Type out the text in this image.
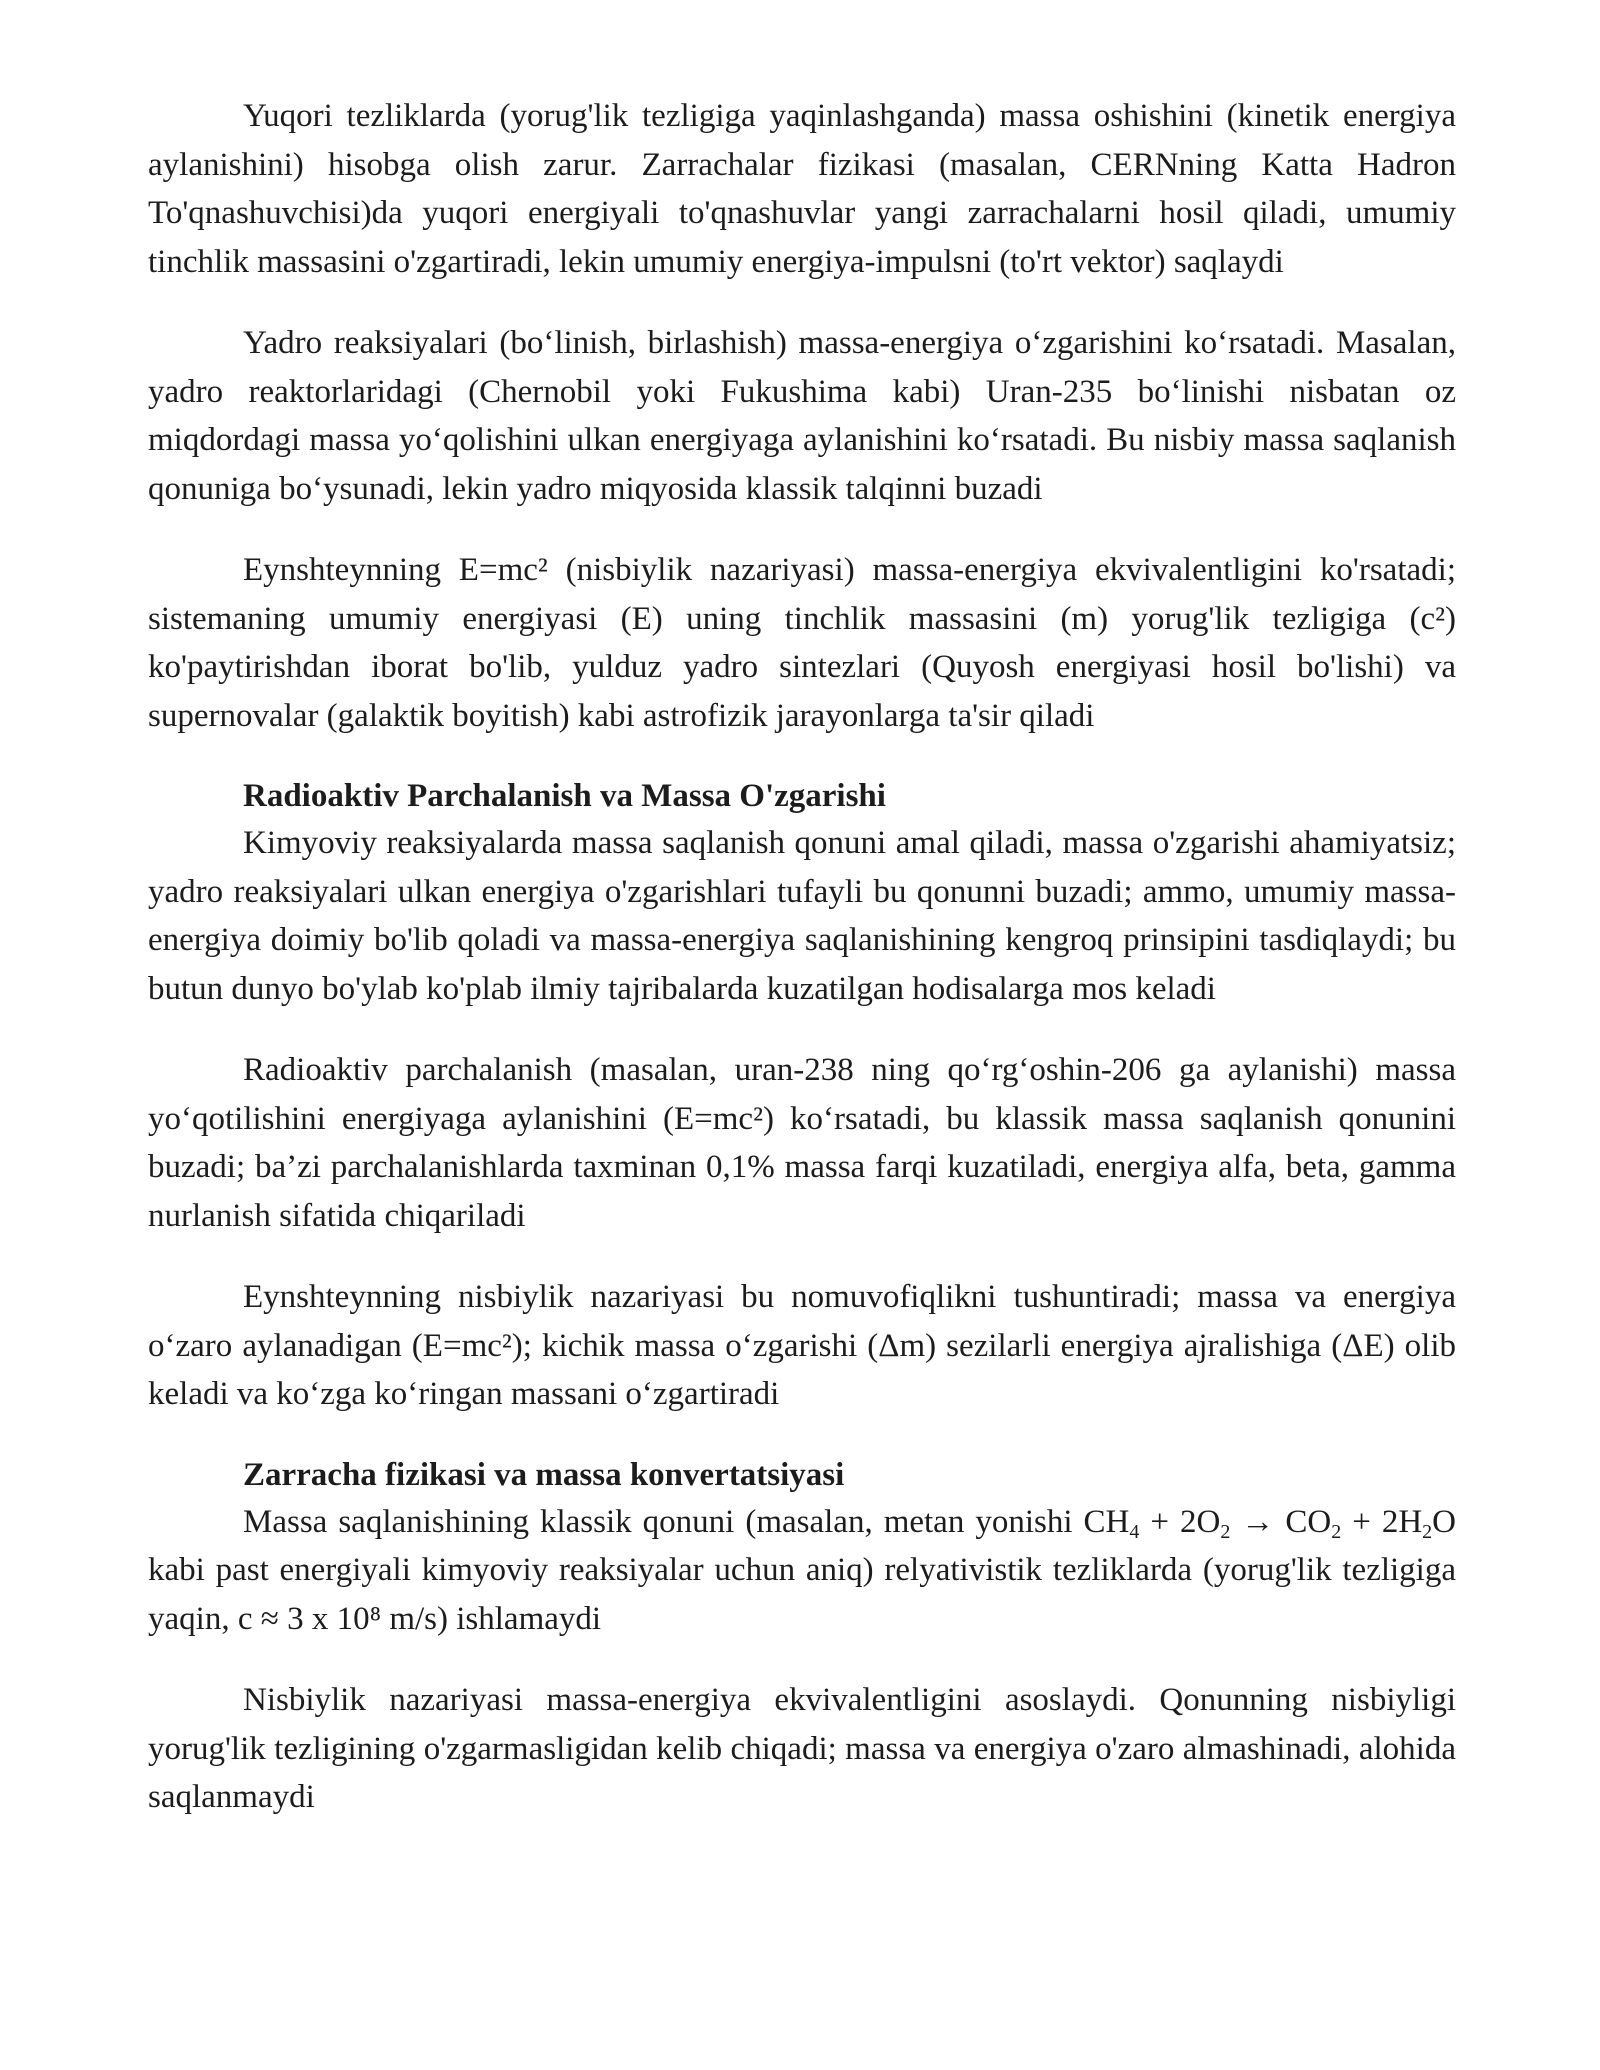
Yuqori tezliklarda (yorug'lik tezligiga yaqinlashganda) massa oshishini (kinetik energiya aylanishini) hisobga olish zarur. Zarrachalar fizikasi (masalan, CERNning Katta Hadron To'qnashuvchisi)da yuqori energiyali to'qnashuvlar yangi zarrachalarni hosil qiladi, umumiy tinchlik massasini o'zgartiradi, lekin umumiy energiya-impulsni (to'rt vektor) saqlaydi

Yadro reaksiyalari (bo‘linish, birlashish) massa-energiya o‘zgarishini ko‘rsatadi. Masalan, yadro reaktorlaridagi (Chernobil yoki Fukushima kabi) Uran-235 bo‘linishi nisbatan oz miqdordagi massa yo‘qolishini ulkan energiyaga aylanishini ko‘rsatadi. Bu nisbiy massa saqlanish qonuniga bo‘ysunadi, lekin yadro miqyosida klassik talqinni buzadi

Eynshteynning E=mc² (nisbiylik nazariyasi) massa-energiya ekvivalentligini ko'rsatadi; sistemaning umumiy energiyasi (E) uning tinchlik massasini (m) yorug'lik tezligiga (c²) ko'paytirishdan iborat bo'lib, yulduz yadro sintezlari (Quyosh energiyasi hosil bo'lishi) va supernovalar (galaktik boyitish) kabi astrofizik jarayonlarga ta'sir qiladi

Radioaktiv Parchalanish va Massa O'zgarishi

Kimyoviy reaksiyalarda massa saqlanish qonuni amal qiladi, massa o'zgarishi ahamiyatsiz; yadro reaksiyalari ulkan energiya o'zgarishlari tufayli bu qonunni buzadi; ammo, umumiy massa-energiya doimiy bo'lib qoladi va massa-energiya saqlanishining kengroq prinsipini tasdiqlaydi; bu butun dunyo bo'ylab ko'plab ilmiy tajribalarda kuzatilgan hodisalarga mos keladi

Radioaktiv parchalanish (masalan, uran-238 ning qo‘rg‘oshin-206 ga aylanishi) massa yo‘qotilishini energiyaga aylanishini (E=mc²) ko‘rsatadi, bu klassik massa saqlanish qonunini buzadi; ba’zi parchalanishlarda taxminan 0,1% massa farqi kuzatiladi, energiya alfa, beta, gamma nurlanish sifatida chiqariladi

Eynshteynning nisbiylik nazariyasi bu nomuvofiqlikni tushuntiradi; massa va energiya o‘zaro aylanadigan (E=mc²); kichik massa o‘zgarishi (Δm) sezilarli energiya ajralishiga (ΔE) olib keladi va ko‘zga ko‘ringan massani o‘zgartiradi

Zarracha fizikasi va massa konvertatsiyasi

Massa saqlanishining klassik qonuni (masalan, metan yonishi $CH_4 + 2O_2 \to CO_2 + 2H_2O$ kabi past energiyali kimyoviy reaksiyalar uchun aniq) relyativistik tezliklarda (yorug'lik tezligiga yaqin, c ≈ 3 x 10⁸ m/s) ishlamaydi

Nisbiylik nazariyasi massa-energiya ekvivalentligini asoslaydi. Qonunning nisbiyligi yorug'lik tezligining o'zgarmasligidan kelib chiqadi; massa va energiya o'zaro almashinadi, alohida saqlanmaydi
